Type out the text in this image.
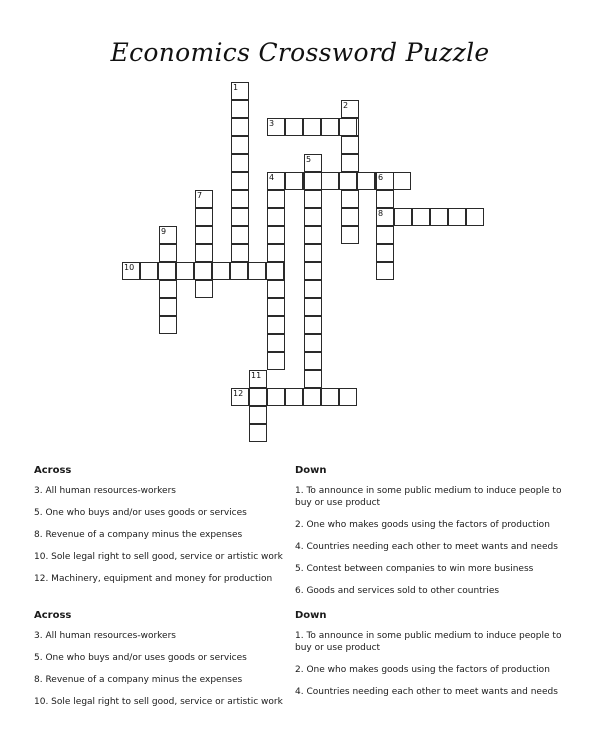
Economics Crossword Puzzle
1
2
3
4
5
6
7
8
9
10
11
12
Across
3. All human resources-workers
5. One who buys and/or uses goods or services
8. Revenue of a company minus the expenses
10. Sole legal right to sell good, service or artistic work
12. Machinery, equipment and money for production
Down
1. To announce in some public medium to induce people to buy or use product
2. One who makes goods using the factors of production
4. Countries needing each other to meet wants and needs
5. Contest between companies to win more business
6. Goods and services sold to other countries
Across
3. All human resources-workers
5. One who buys and/or uses goods or services
8. Revenue of a company minus the expenses
10. Sole legal right to sell good, service or artistic work
Down
1. To announce in some public medium to induce people to buy or use product
2. One who makes goods using the factors of production
4. Countries needing each other to meet wants and needs
